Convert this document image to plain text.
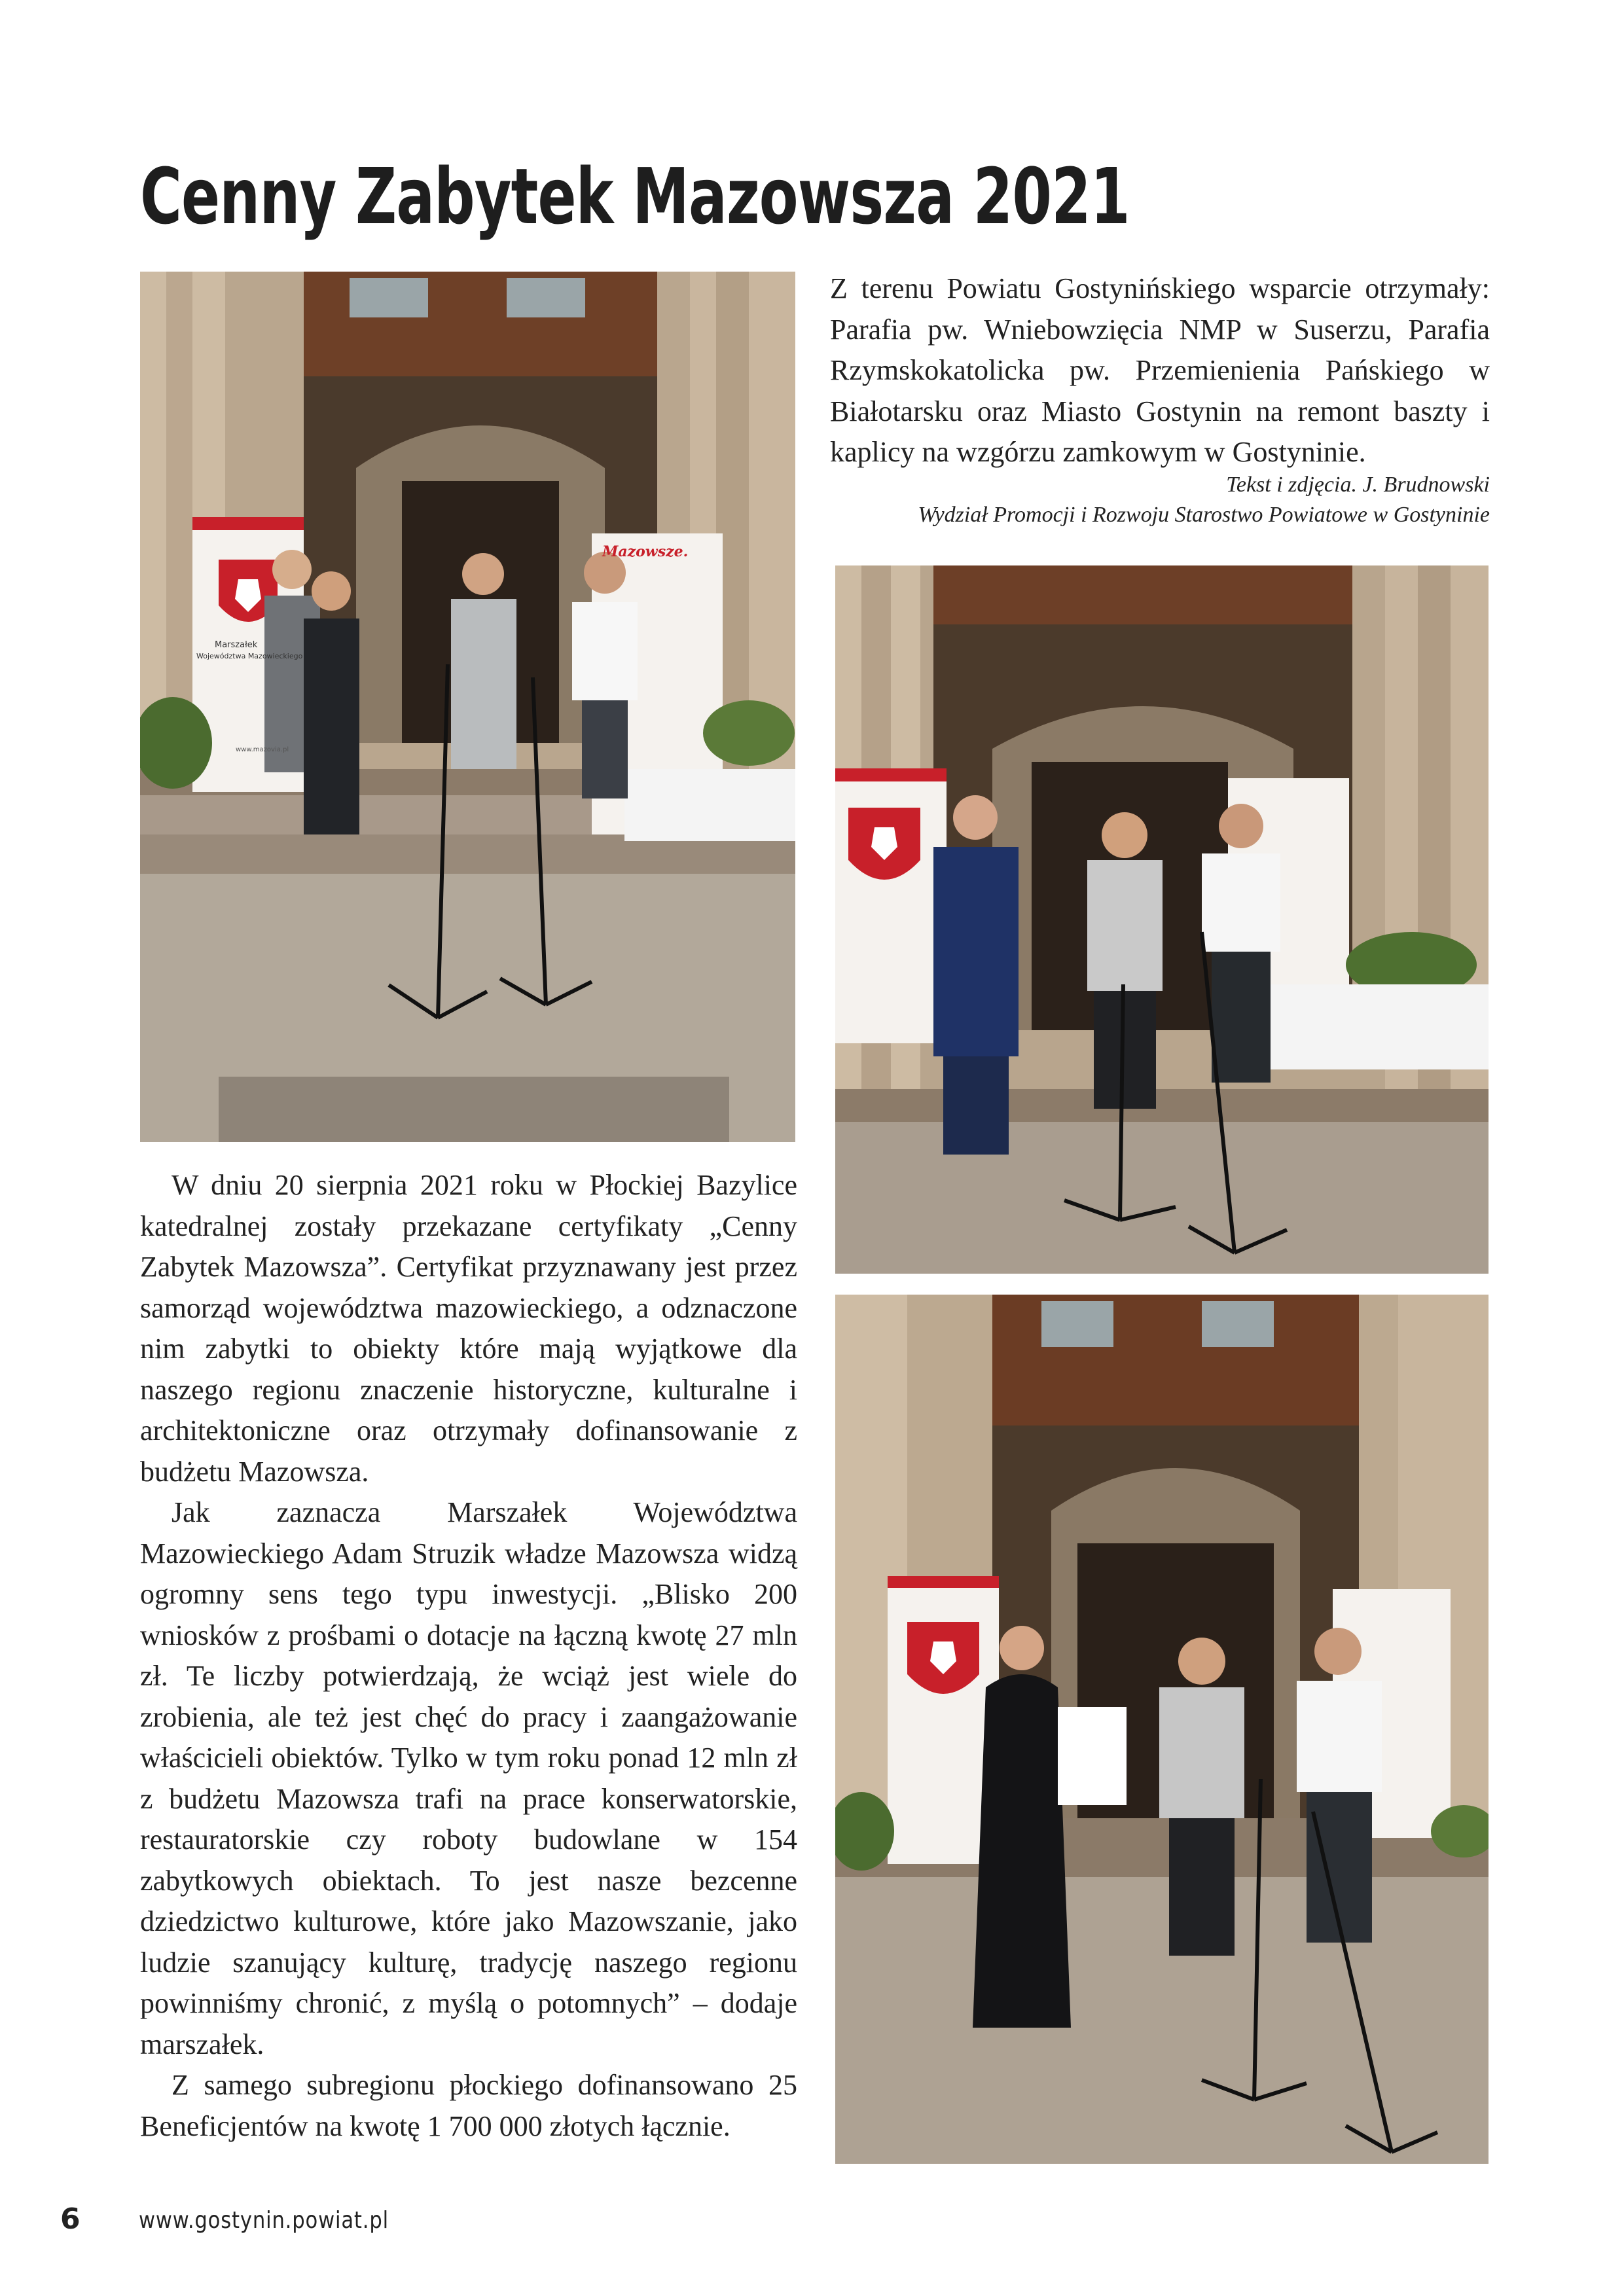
Cenny Zabytek Mazowsza 2021

Z terenu Powiatu Gostynińskiego wsparcie otrzymały: Parafia pw. Wniebowzięcia NMP w Suserzu, Parafia Rzymskokatolicka pw. Przemienienia Pańskiego w Białotarsku oraz Miasto Gostynin na remont baszty i kaplicy na wzgórzu zamkowym w Gostyninie.

Tekst i zdjęcia. J. Brudnowski
Wydział Promocji i Rozwoju Starostwo Powiatowe w Gostyninie

W dniu 20 sierpnia 2021 roku w Płockiej Bazylice katedralnej zostały przekazane certyfikaty „Cenny Zabytek Mazowsza”. Certyfikat przyznawany jest przez samorząd województwa mazowieckiego, a odznaczone nim zabytki to obiekty które mają wyjątkowe dla naszego regionu znaczenie historyczne, kulturalne i architektoniczne oraz otrzymały dofinansowanie z budżetu Mazowsza.

Jak zaznacza Marszałek Województwa Mazowieckiego Adam Struzik władze Mazowsza widzą ogromny sens tego typu inwestycji. „Blisko 200 wniosków z prośbami o dotacje na łączną kwotę 27 mln zł. Te liczby potwierdzają, że wciąż jest wiele do zrobienia, ale też jest chęć do pracy i zaangażowanie właścicieli obiektów. Tylko w tym roku ponad 12 mln zł z budżetu Mazowsza trafi na prace konserwatorskie, restauratorskie czy roboty budowlane w 154 zabytkowych obiektach. To jest nasze bezcenne dziedzictwo kulturowe, które jako Mazowszanie, jako ludzie szanujący kulturę, tradycję naszego regionu powinniśmy chronić, z myślą o potomnych” – dodaje marszałek.

Z samego subregionu płockiego dofinansowano 25 Beneficjentów na kwotę 1 700 000 złotych łącznie.

Mazowsze.
Marszałek
Województwa Mazowieckiego
www.mazovia.pl
6 www.gostynin.powiat.pl
